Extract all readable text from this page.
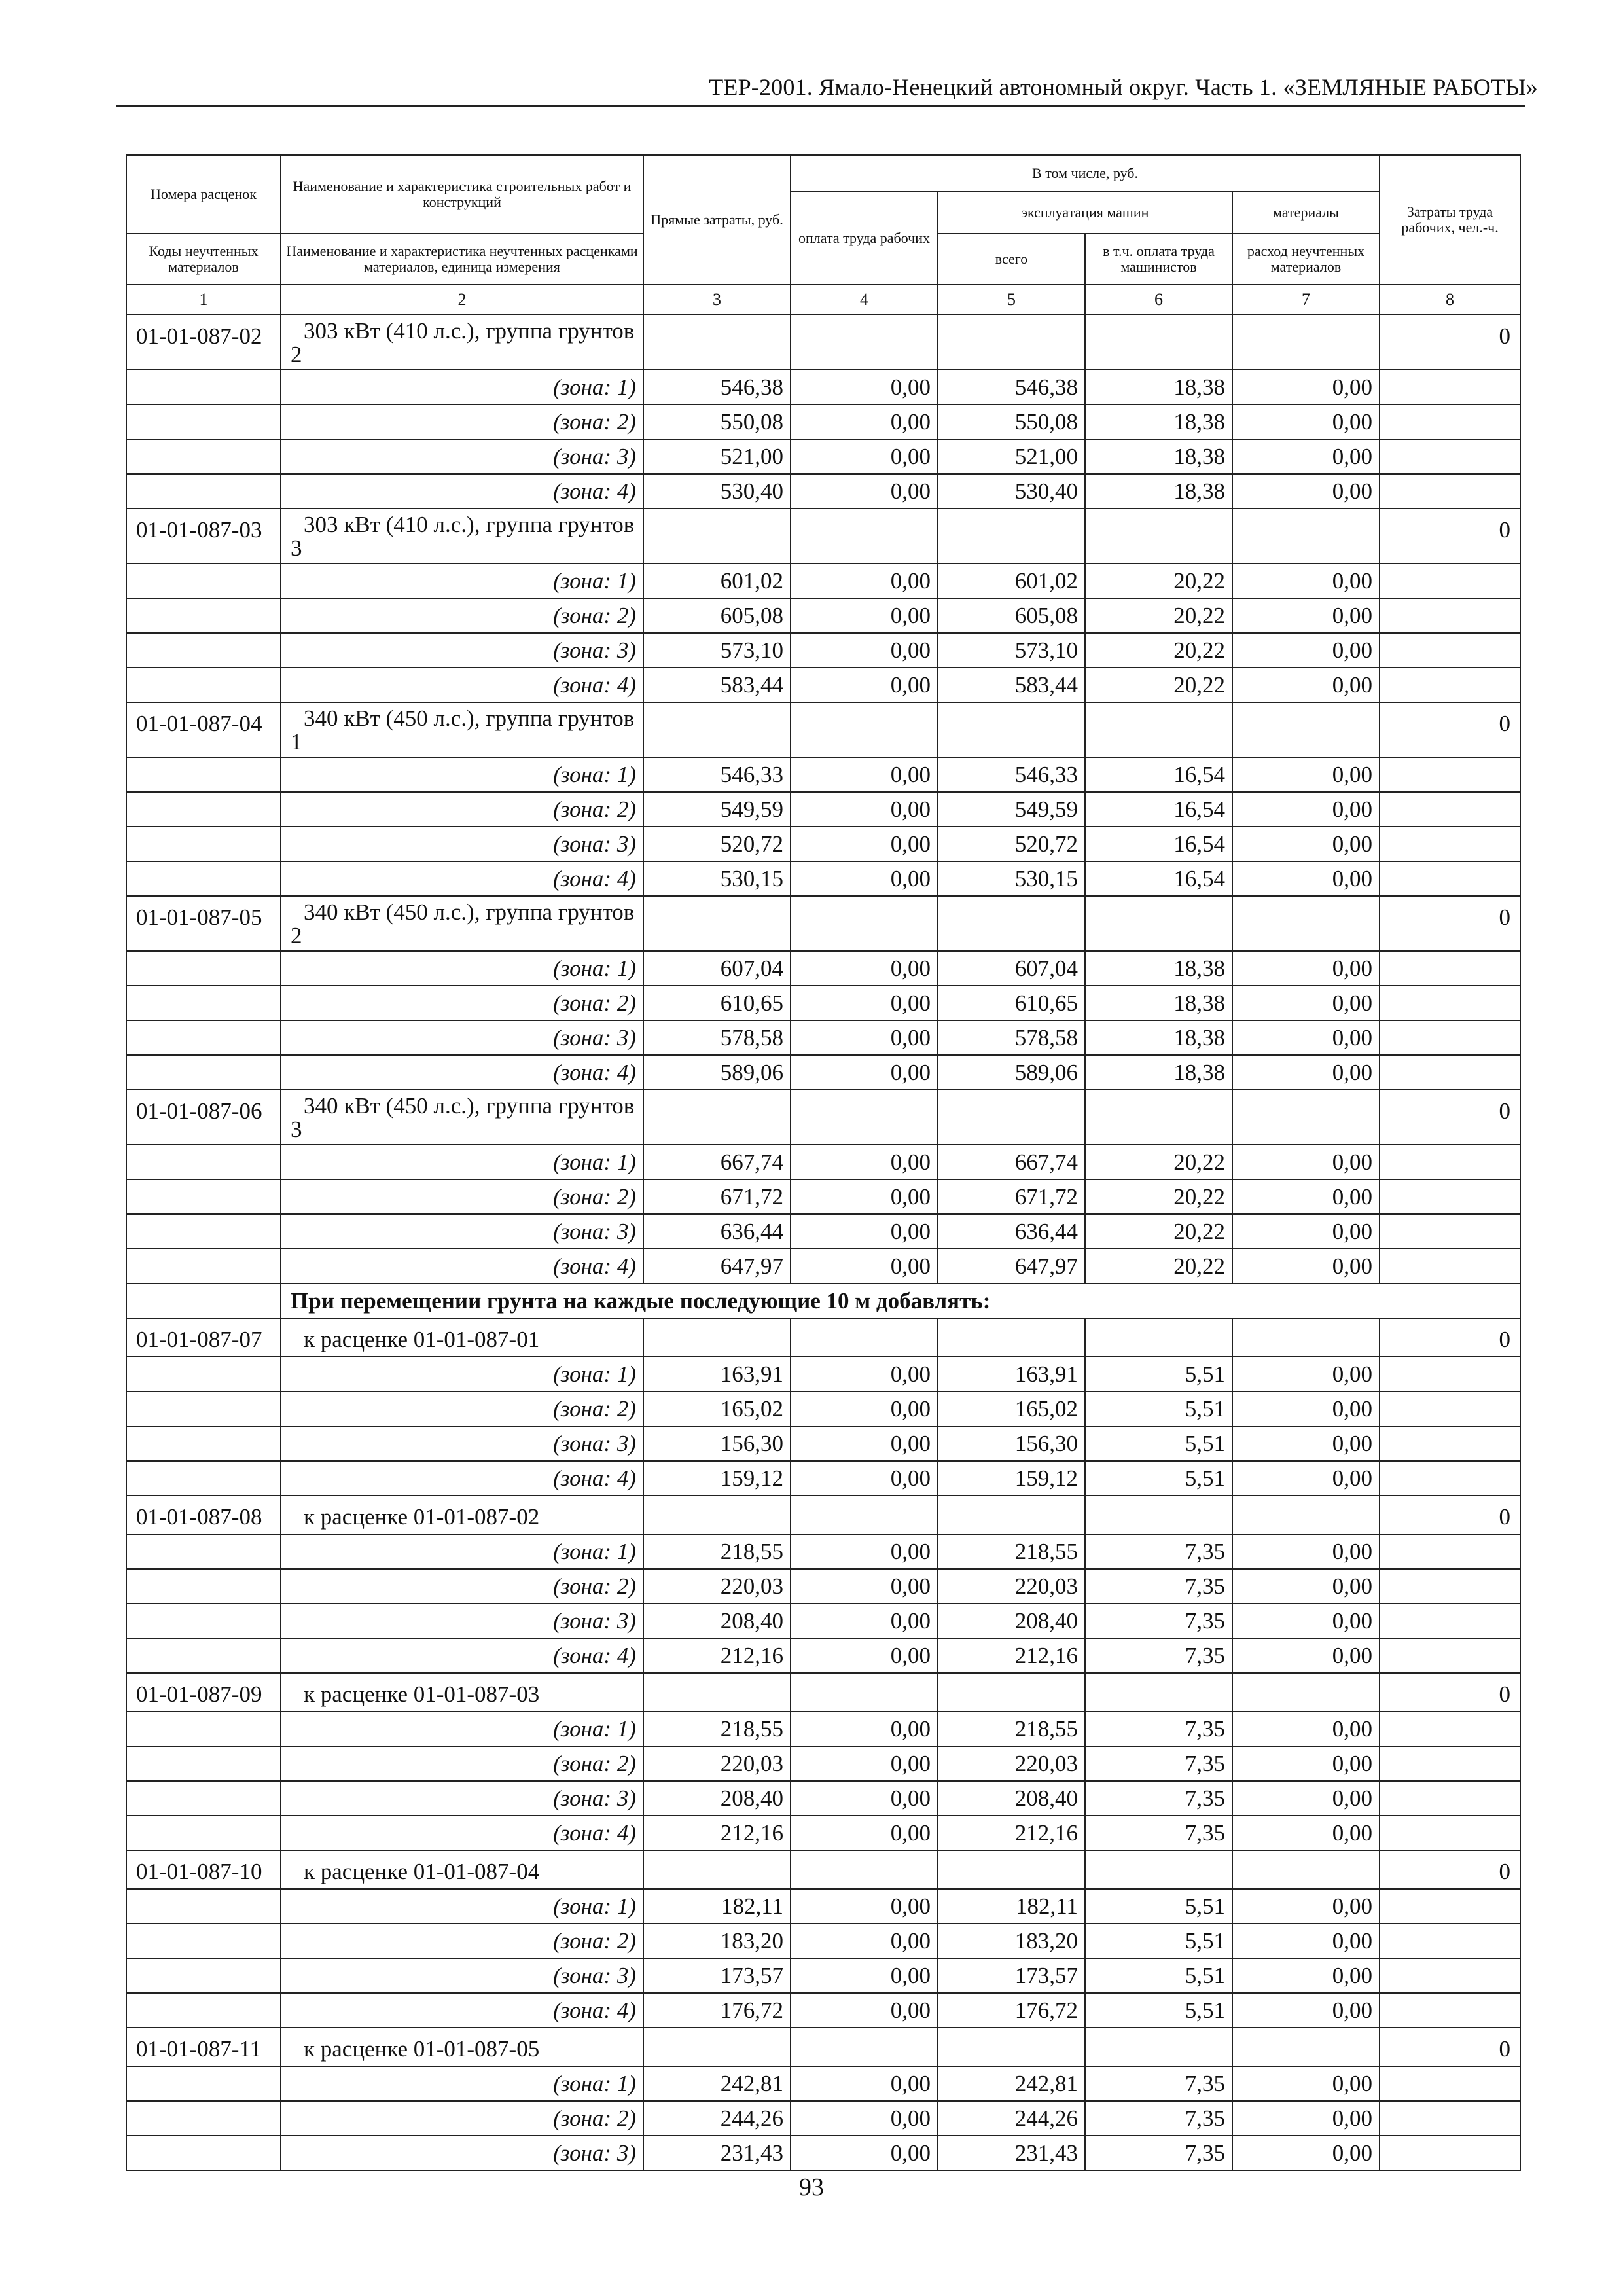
ТЕР-2001. Ямало-Ненецкий автономный округ. Часть 1. «ЗЕМЛЯНЫЕ РАБОТЫ»
Номера расценок	Наименование и характеристика строительных работ и конструкций	Прямые затраты, руб.	В том числе, руб.				Затраты труда рабочих, чел.-ч.
			оплата труда рабочих	эксплуатация машин		материалы	
Коды неучтенных материалов	Наименование и характеристика неучтенных расценками материалов, единица измерения			всего	в т.ч. оплата труда машинистов	расход неучтенных материалов	
1	2	3	4	5	6	7	8
01-01-087-02	303 кВт (410 л.с.), группа грунтов 2						0
	(зона: 1)	546,38	0,00	546,38	18,38	0,00	
	(зона: 2)	550,08	0,00	550,08	18,38	0,00	
	(зона: 3)	521,00	0,00	521,00	18,38	0,00	
	(зона: 4)	530,40	0,00	530,40	18,38	0,00	
01-01-087-03	303 кВт (410 л.с.), группа грунтов 3						0
	(зона: 1)	601,02	0,00	601,02	20,22	0,00	
	(зона: 2)	605,08	0,00	605,08	20,22	0,00	
	(зона: 3)	573,10	0,00	573,10	20,22	0,00	
	(зона: 4)	583,44	0,00	583,44	20,22	0,00	
01-01-087-04	340 кВт (450 л.с.), группа грунтов 1						0
	(зона: 1)	546,33	0,00	546,33	16,54	0,00	
	(зона: 2)	549,59	0,00	549,59	16,54	0,00	
	(зона: 3)	520,72	0,00	520,72	16,54	0,00	
	(зона: 4)	530,15	0,00	530,15	16,54	0,00	
01-01-087-05	340 кВт (450 л.с.), группа грунтов 2						0
	(зона: 1)	607,04	0,00	607,04	18,38	0,00	
	(зона: 2)	610,65	0,00	610,65	18,38	0,00	
	(зона: 3)	578,58	0,00	578,58	18,38	0,00	
	(зона: 4)	589,06	0,00	589,06	18,38	0,00	
01-01-087-06	340 кВт (450 л.с.), группа грунтов 3						0
	(зона: 1)	667,74	0,00	667,74	20,22	0,00	
	(зона: 2)	671,72	0,00	671,72	20,22	0,00	
	(зона: 3)	636,44	0,00	636,44	20,22	0,00	
	(зона: 4)	647,97	0,00	647,97	20,22	0,00	
	При перемещении грунта на каждые последующие 10 м добавлять:						
01-01-087-07	к расценке 01-01-087-01						0
	(зона: 1)	163,91	0,00	163,91	5,51	0,00	
	(зона: 2)	165,02	0,00	165,02	5,51	0,00	
	(зона: 3)	156,30	0,00	156,30	5,51	0,00	
	(зона: 4)	159,12	0,00	159,12	5,51	0,00	
01-01-087-08	к расценке 01-01-087-02						0
	(зона: 1)	218,55	0,00	218,55	7,35	0,00	
	(зона: 2)	220,03	0,00	220,03	7,35	0,00	
	(зона: 3)	208,40	0,00	208,40	7,35	0,00	
	(зона: 4)	212,16	0,00	212,16	7,35	0,00	
01-01-087-09	к расценке 01-01-087-03						0
	(зона: 1)	218,55	0,00	218,55	7,35	0,00	
	(зона: 2)	220,03	0,00	220,03	7,35	0,00	
	(зона: 3)	208,40	0,00	208,40	7,35	0,00	
	(зона: 4)	212,16	0,00	212,16	7,35	0,00	
01-01-087-10	к расценке 01-01-087-04						0
	(зона: 1)	182,11	0,00	182,11	5,51	0,00	
	(зона: 2)	183,20	0,00	183,20	5,51	0,00	
	(зона: 3)	173,57	0,00	173,57	5,51	0,00	
	(зона: 4)	176,72	0,00	176,72	5,51	0,00	
01-01-087-11	к расценке 01-01-087-05						0
	(зона: 1)	242,81	0,00	242,81	7,35	0,00	
	(зона: 2)	244,26	0,00	244,26	7,35	0,00	
	(зона: 3)	231,43	0,00	231,43	7,35	0,00	
93
